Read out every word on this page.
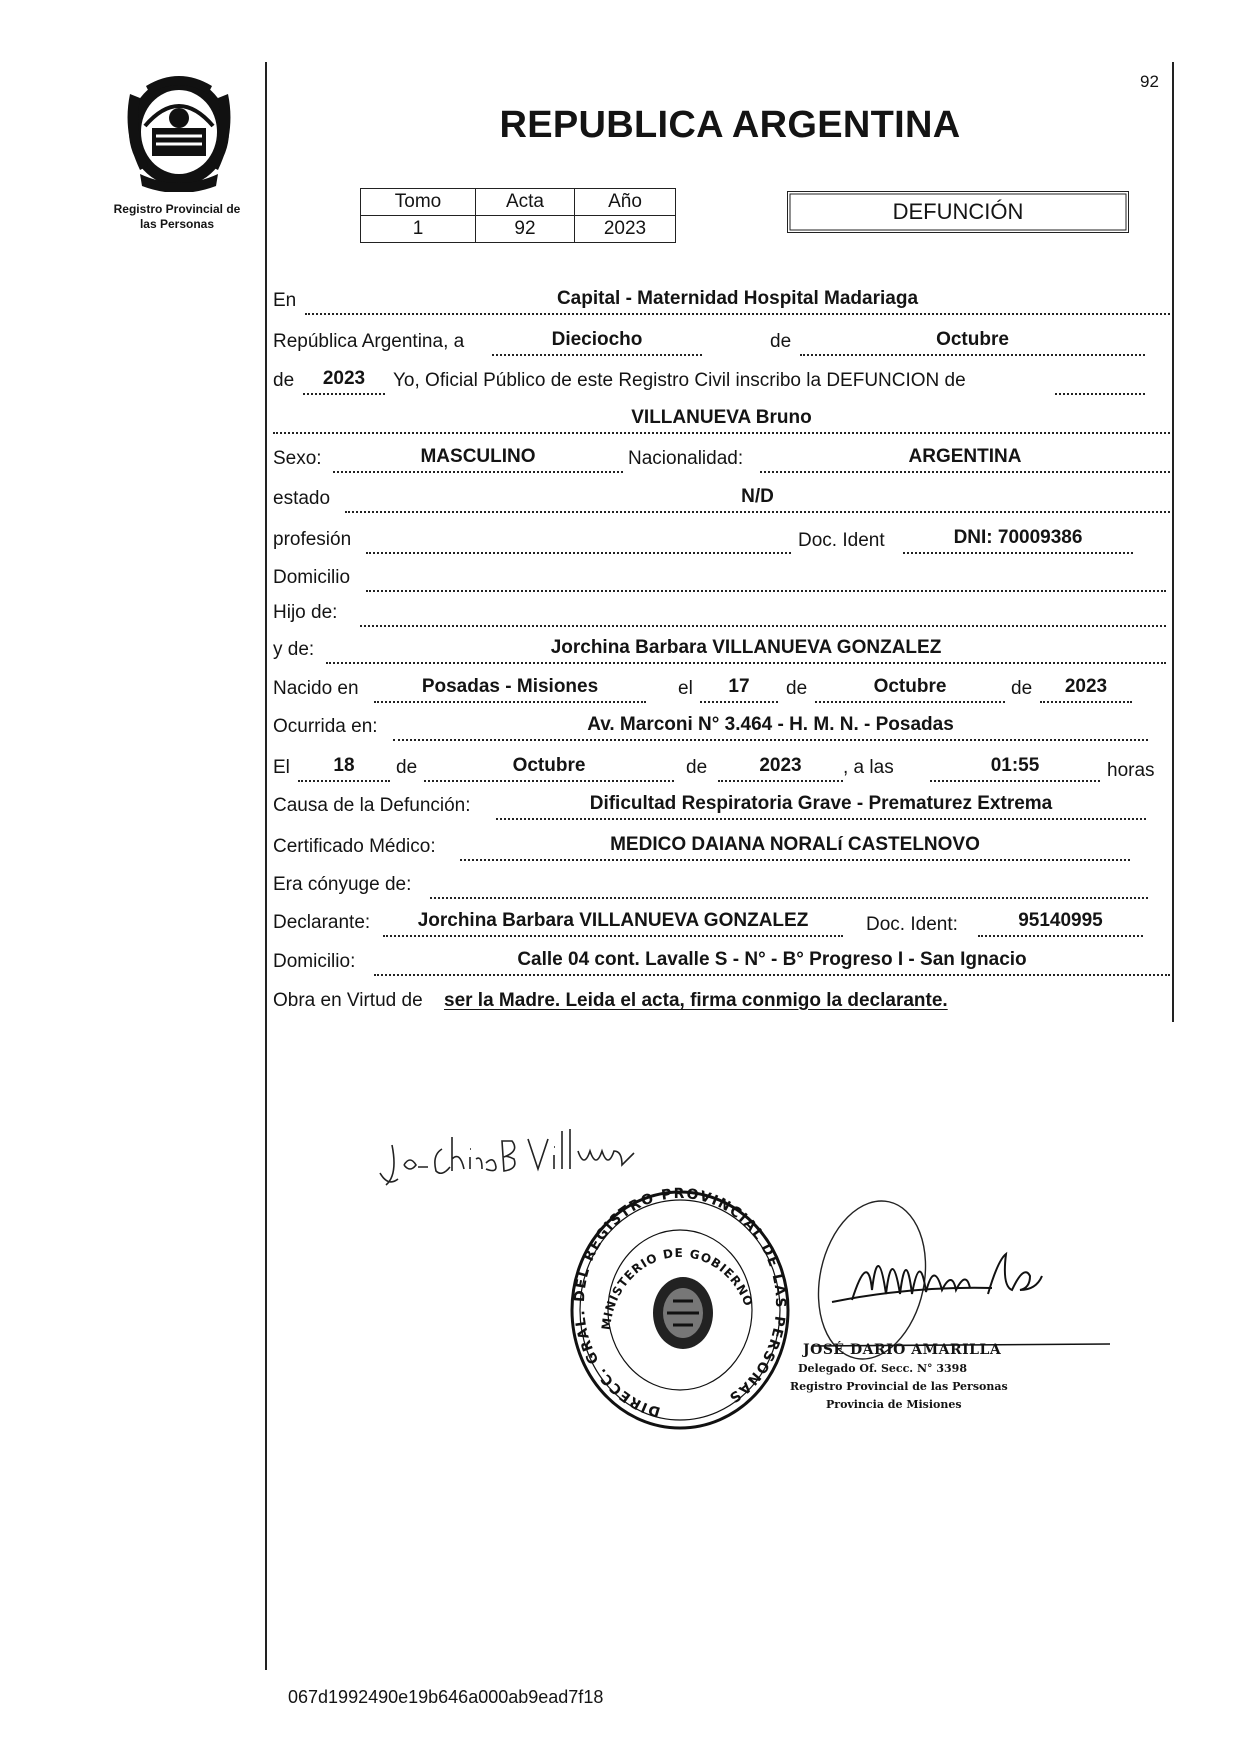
Registro Provincial de
las Personas
92
REPUBLICA ARGENTINA
Tomo	Acta	Año
1	92	2023
DEFUNCIÓN
En	Capital - Maternidad Hospital Madariaga
República Argentina, a	Dieciocho	de	Octubre
de	2023	Yo, Oficial Público de este Registro Civil inscribo la DEFUNCION de
VILLANUEVA Bruno
Sexo:	MASCULINO	Nacionalidad:	ARGENTINA
estado	N/D
profesión	Doc. Ident	DNI: 70009386
Domicilio
Hijo de:
y de:	Jorchina Barbara VILLANUEVA GONZALEZ
Nacido en	Posadas - Misiones	el	17	de	Octubre	de	2023
Ocurrida en:	Av. Marconi N° 3.464 - H. M. N. - Posadas
El	18	de	Octubre	de	2023	, a las	01:55	horas
Causa de la Defunción:	Dificultad Respiratoria Grave - Prematurez Extrema
Certificado Médico:	MEDICO DAIANA NORALí CASTELNOVO
Era cónyuge de:
Declarante:	Jorchina Barbara VILLANUEVA GONZALEZ	Doc. Ident:	95140995
Domicilio:	Calle 04 cont. Lavalle S - N° - B° Progreso I - San Ignacio
Obra en Virtud de ser la Madre. Leida el acta, firma conmigo la declarante.
DIRECC. GRAL. DEL REGISTRO PROVINCIAL DE LAS PERSONAS
MINISTERIO DE GOBIERNO
JOSÉ DARIO AMARILLA
Delegado Of. Secc. N° 3398
Registro Provincial de las Personas
Provincia de Misiones
067d1992490e19b646a000ab9ead7f18
